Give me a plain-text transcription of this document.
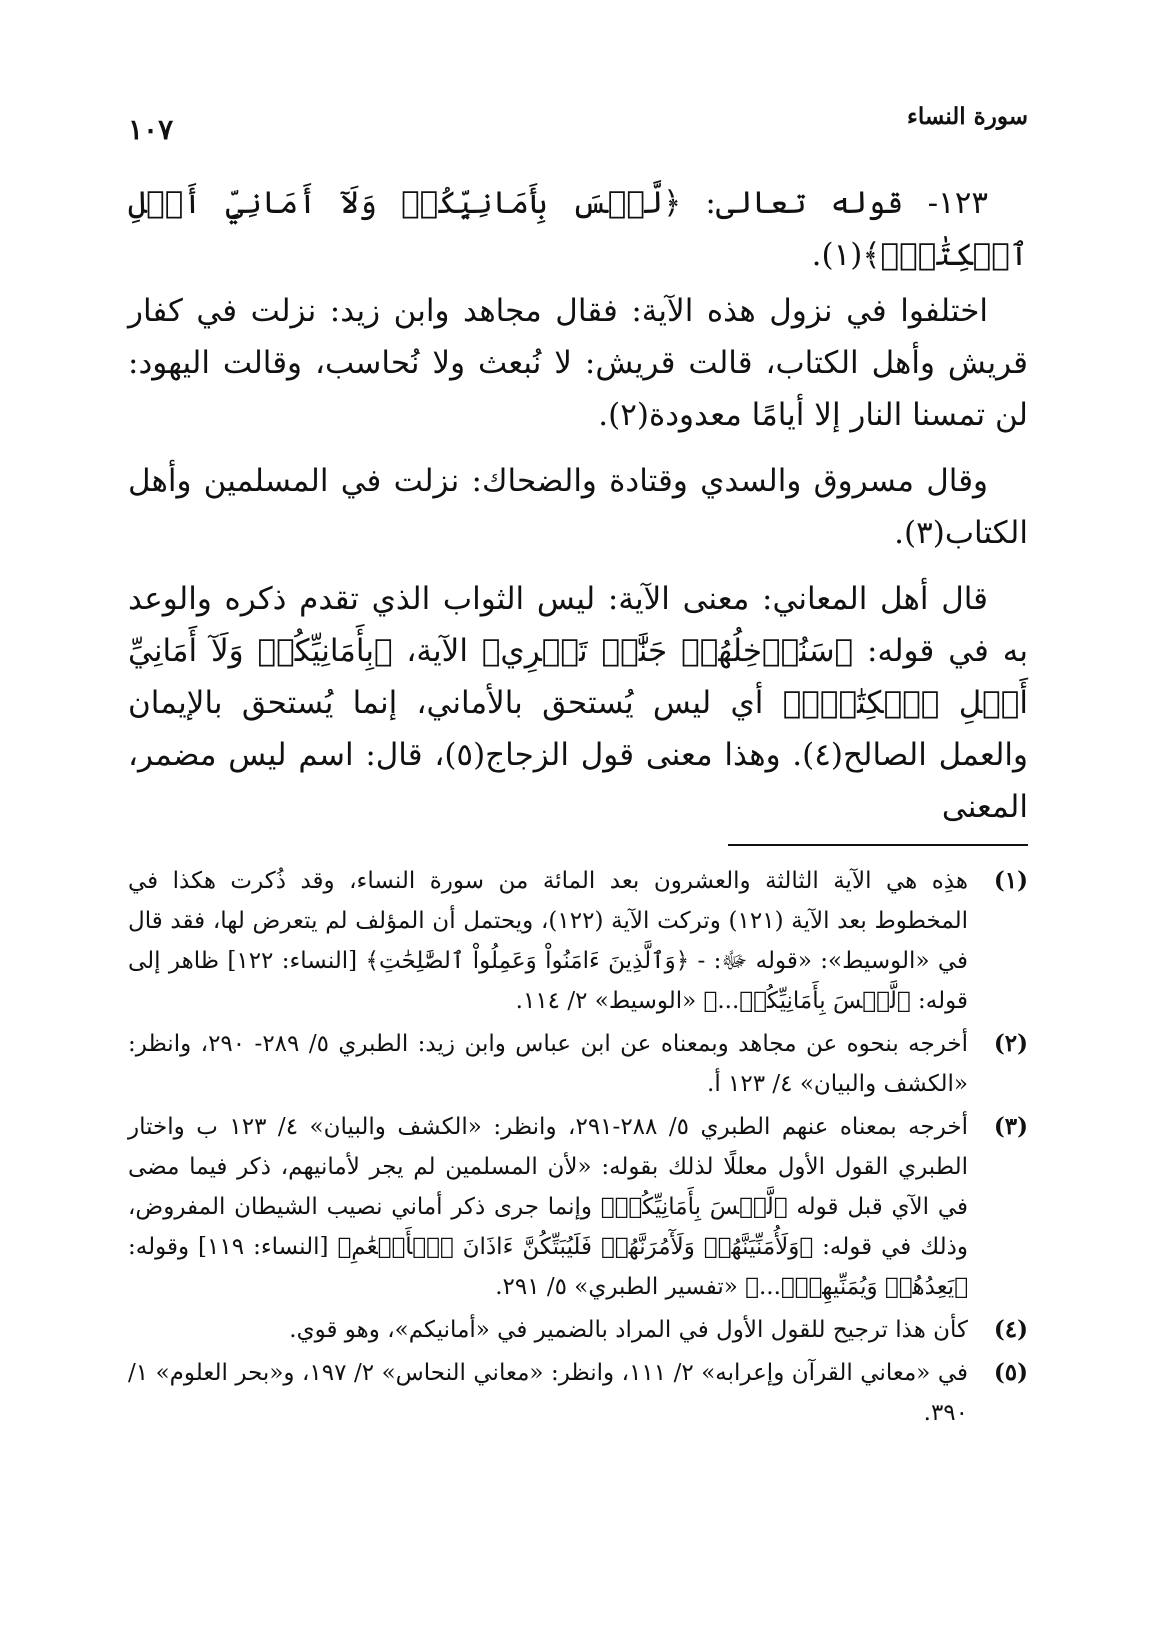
سورة النساء
١٠٧

١٢٣- قوله تعالى: ﴿لَّيۡسَ بِأَمَانِيِّكُمۡ وَلَآ أَمَانِيِّ أَهۡلِ ٱلۡكِتَٰبِۗ﴾(١).

اختلفوا في نزول هذه الآية: فقال مجاهد وابن زيد: نزلت في كفار قريش وأهل الكتاب، قالت قريش: لا نُبعث ولا نُحاسب، وقالت اليهود: لن تمسنا النار إلا أيامًا معدودة(٢).

وقال مسروق والسدي وقتادة والضحاك: نزلت في المسلمين وأهل الكتاب(٣).

قال أهل المعاني: معنى الآية: ليس الثواب الذي تقدم ذكره والوعد به في قوله: ﴿سَنُدۡخِلُهُمۡ جَنَّٰتٖ تَجۡرِي﴾ الآية، ﴿بِأَمَانِيِّكُمۡ وَلَآ أَمَانِيِّ أَهۡلِ ٱلۡكِتَٰبِۗ﴾ أي ليس يُستحق بالأماني، إنما يُستحق بالإيمان والعمل الصالح(٤). وهذا معنى قول الزجاج(٥)، قال: اسم ليس مضمر، المعنى

(١)
هذِه هي الآية الثالثة والعشرون بعد المائة من سورة النساء، وقد ذُكرت هكذا في المخطوط بعد الآية (١٢١) وتركت الآية (١٢٢)، ويحتمل أن المؤلف لم يتعرض لها، فقد قال في «الوسيط»: «قوله ﷻ: - ﴿وَٱلَّذِينَ ءَامَنُواْ وَعَمِلُواْ ٱلصَّٰلِحَٰتِ﴾ [النساء: ١٢٢] ظاهر إلى قوله: ﴿لَّيۡسَ بِأَمَانِيِّكُمۡ...﴾ «الوسيط» ٢/ ١١٤.
(٢)
أخرجه بنحوه عن مجاهد وبمعناه عن ابن عباس وابن زيد: الطبري ٥/ ٢٨٩- ٢٩٠، وانظر: «الكشف والبيان» ٤/ ١٢٣ أ.
(٣)
أخرجه بمعناه عنهم الطبري ٥/ ٢٨٨-٢٩١، وانظر: «الكشف والبيان» ٤/ ١٢٣ ب واختار الطبري القول الأول معللًا لذلك بقوله: «لأن المسلمين لم يجر لأمانيهم، ذكر فيما مضى في الآي قبل قوله ﴿لَّيۡسَ بِأَمَانِيِّكُمۡ﴾ وإنما جرى ذكر أماني نصيب الشيطان المفروض، وذلك في قوله: ﴿وَلَأُمَنِّيَنَّهُمۡ وَلَأٓمُرَنَّهُمۡ فَلَيُبَتِّكُنَّ ءَاذَانَ ٱلۡأَنۡعَٰمِ﴾ [النساء: ١١٩] وقوله: ﴿يَعِدُهُمۡ وَيُمَنِّيهِمۡۖ...﴾ «تفسير الطبري» ٥/ ٢٩١.
(٤)
كأن هذا ترجيح للقول الأول في المراد بالضمير في «أمانيكم»، وهو قوي.
(٥)
في «معاني القرآن وإعرابه» ٢/ ١١١، وانظر: «معاني النحاس» ٢/ ١٩٧، و«بحر العلوم» ١/ ٣٩٠.
